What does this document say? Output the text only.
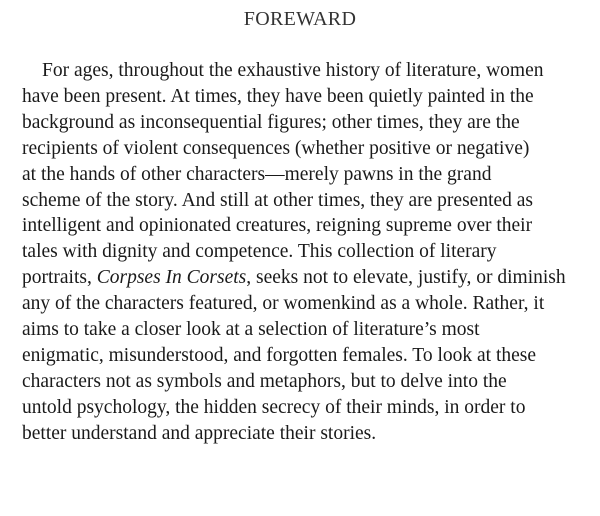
FOREWARD

For ages, throughout the exhaustive history of literature, women
have been present. At times, they have been quietly painted in the
background as inconsequential figures; other times, they are the
recipients of violent consequences (whether positive or negative)
at the hands of other characters—merely pawns in the grand
scheme of the story. And still at other times, they are presented as
intelligent and opinionated creatures, reigning supreme over their
tales with dignity and competence. This collection of literary
portraits, Corpses In Corsets, seeks not to elevate, justify, or diminish
any of the characters featured, or womenkind as a whole. Rather, it
aims to take a closer look at a selection of literature’s most
enigmatic, misunderstood, and forgotten females. To look at these
characters not as symbols and metaphors, but to delve into the
untold psychology, the hidden secrecy of their minds, in order to
better understand and appreciate their stories.
